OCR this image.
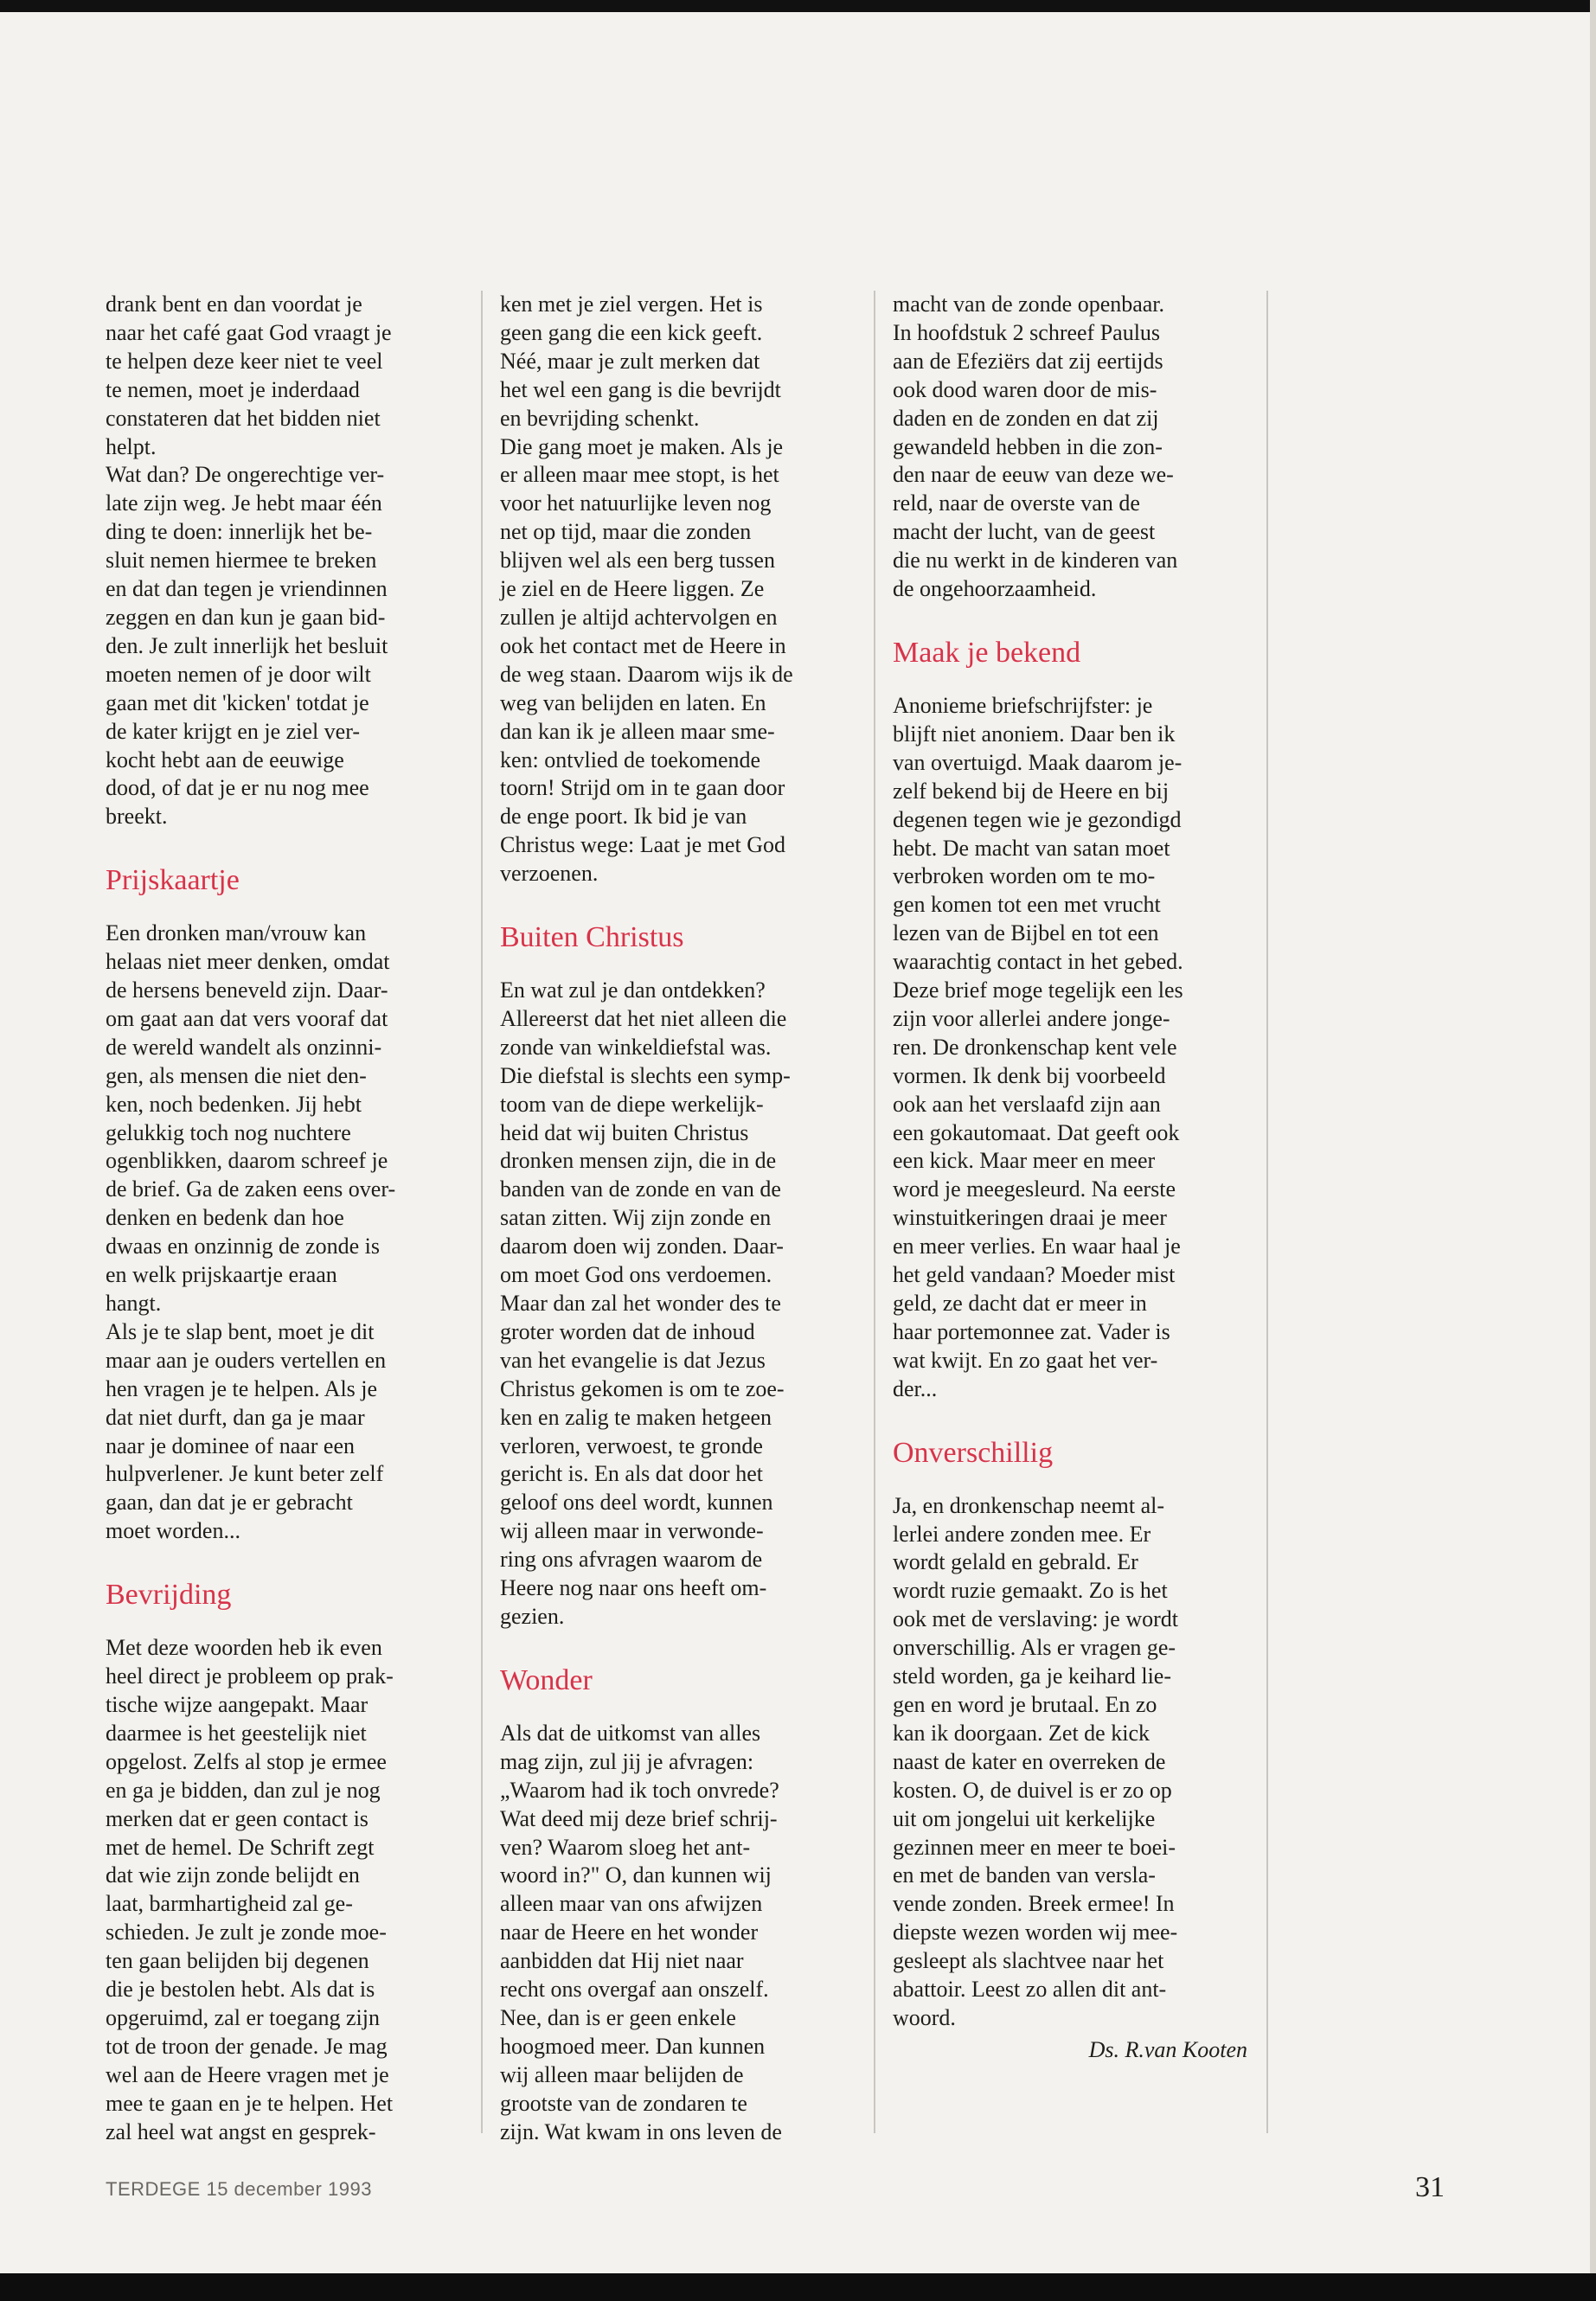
drank bent en dan voordat je
naar het café gaat God vraagt je
te helpen deze keer niet te veel
te nemen, moet je inderdaad
constateren dat het bidden niet
helpt.

Wat dan? De ongerechtige ver-
late zijn weg. Je hebt maar één
ding te doen: innerlijk het be-
sluit nemen hiermee te breken
en dat dan tegen je vriendinnen
zeggen en dan kun je gaan bid-
den. Je zult innerlijk het besluit
moeten nemen of je door wilt
gaan met dit 'kicken' totdat je
de kater krijgt en je ziel ver-
kocht hebt aan de eeuwige
dood, of dat je er nu nog mee
breekt.

Prijskaartje

Een dronken man/vrouw kan
helaas niet meer denken, omdat
de hersens beneveld zijn. Daar-
om gaat aan dat vers vooraf dat
de wereld wandelt als onzinni-
gen, als mensen die niet den-
ken, noch bedenken. Jij hebt
gelukkig toch nog nuchtere
ogenblikken, daarom schreef je
de brief. Ga de zaken eens over-
denken en bedenk dan hoe
dwaas en onzinnig de zonde is
en welk prijskaartje eraan
hangt.

Als je te slap bent, moet je dit
maar aan je ouders vertellen en
hen vragen je te helpen. Als je
dat niet durft, dan ga je maar
naar je dominee of naar een
hulpverlener. Je kunt beter zelf
gaan, dan dat je er gebracht
moet worden...

Bevrijding

Met deze woorden heb ik even
heel direct je probleem op prak-
tische wijze aangepakt. Maar
daarmee is het geestelijk niet
opgelost. Zelfs al stop je ermee
en ga je bidden, dan zul je nog
merken dat er geen contact is
met de hemel. De Schrift zegt
dat wie zijn zonde belijdt en
laat, barmhartigheid zal ge-
schieden. Je zult je zonde moe-
ten gaan belijden bij degenen
die je bestolen hebt. Als dat is
opgeruimd, zal er toegang zijn
tot de troon der genade. Je mag
wel aan de Heere vragen met je
mee te gaan en je te helpen. Het
zal heel wat angst en gesprek-

ken met je ziel vergen. Het is
geen gang die een kick geeft.
Néé, maar je zult merken dat
het wel een gang is die bevrijdt
en bevrijding schenkt.

Die gang moet je maken. Als je
er alleen maar mee stopt, is het
voor het natuurlijke leven nog
net op tijd, maar die zonden
blijven wel als een berg tussen
je ziel en de Heere liggen. Ze
zullen je altijd achtervolgen en
ook het contact met de Heere in
de weg staan. Daarom wijs ik de
weg van belijden en laten. En
dan kan ik je alleen maar sme-
ken: ontvlied de toekomende
toorn! Strijd om in te gaan door
de enge poort. Ik bid je van
Christus wege: Laat je met God
verzoenen.

Buiten Christus

En wat zul je dan ontdekken?
Allereerst dat het niet alleen die
zonde van winkeldiefstal was.
Die diefstal is slechts een symp-
toom van de diepe werkelijk-
heid dat wij buiten Christus
dronken mensen zijn, die in de
banden van de zonde en van de
satan zitten. Wij zijn zonde en
daarom doen wij zonden. Daar-
om moet God ons verdoemen.
Maar dan zal het wonder des te
groter worden dat de inhoud
van het evangelie is dat Jezus
Christus gekomen is om te zoe-
ken en zalig te maken hetgeen
verloren, verwoest, te gronde
gericht is. En als dat door het
geloof ons deel wordt, kunnen
wij alleen maar in verwonde-
ring ons afvragen waarom de
Heere nog naar ons heeft om-
gezien.

Wonder

Als dat de uitkomst van alles
mag zijn, zul jij je afvragen:
„Waarom had ik toch onvrede?
Wat deed mij deze brief schrij-
ven? Waarom sloeg het ant-
woord in?" O, dan kunnen wij
alleen maar van ons afwijzen
naar de Heere en het wonder
aanbidden dat Hij niet naar
recht ons overgaf aan onszelf.
Nee, dan is er geen enkele
hoogmoed meer. Dan kunnen
wij alleen maar belijden de
grootste van de zondaren te
zijn. Wat kwam in ons leven de

macht van de zonde openbaar.
In hoofdstuk 2 schreef Paulus
aan de Efeziërs dat zij eertijds
ook dood waren door de mis-
daden en de zonden en dat zij
gewandeld hebben in die zon-
den naar de eeuw van deze we-
reld, naar de overste van de
macht der lucht, van de geest
die nu werkt in de kinderen van
de ongehoorzaamheid.

Maak je bekend

Anonieme briefschrijfster: je
blijft niet anoniem. Daar ben ik
van overtuigd. Maak daarom je-
zelf bekend bij de Heere en bij
degenen tegen wie je gezondigd
hebt. De macht van satan moet
verbroken worden om te mo-
gen komen tot een met vrucht
lezen van de Bijbel en tot een
waarachtig contact in het gebed.
Deze brief moge tegelijk een les
zijn voor allerlei andere jonge-
ren. De dronkenschap kent vele
vormen. Ik denk bij voorbeeld
ook aan het verslaafd zijn aan
een gokautomaat. Dat geeft ook
een kick. Maar meer en meer
word je meegesleurd. Na eerste
winstuitkeringen draai je meer
en meer verlies. En waar haal je
het geld vandaan? Moeder mist
geld, ze dacht dat er meer in
haar portemonnee zat. Vader is
wat kwijt. En zo gaat het ver-
der...

Onverschillig

Ja, en dronkenschap neemt al-
lerlei andere zonden mee. Er
wordt gelald en gebrald. Er
wordt ruzie gemaakt. Zo is het
ook met de verslaving: je wordt
onverschillig. Als er vragen ge-
steld worden, ga je keihard lie-
gen en word je brutaal. En zo
kan ik doorgaan. Zet de kick
naast de kater en overreken de
kosten. O, de duivel is er zo op
uit om jongelui uit kerkelijke
gezinnen meer en meer te boei-
en met de banden van versla-
vende zonden. Breek ermee! In
diepste wezen worden wij mee-
gesleept als slachtvee naar het
abattoir. Leest zo allen dit ant-
woord.

Ds. R.van Kooten

TERDEGE 15 december 1993	31
